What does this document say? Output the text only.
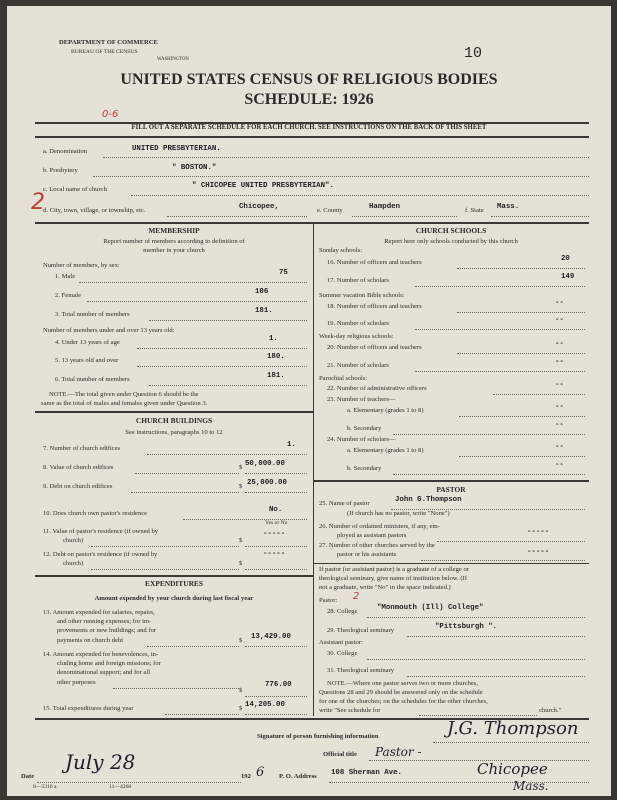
DEPARTMENT OF COMMERCE
BUREAU OF THE CENSUS
WASHINGTON	10
UNITED STATES CENSUS OF RELIGIOUS BODIES
SCHEDULE: 1926
0-6
FILL OUT A SEPARATE SCHEDULE FOR EACH CHURCH. SEE INSTRUCTIONS ON THE BACK OF THIS SHEET
a. Denomination	UNITED PRESBYTERIAN.
b. Presbytery	" BOSTON."
2
c. Local name of church	" CHICOPEE UNITED PRESBYTERIAN".
d. City, town, village, or township, etc.	Chicopee,	e. County	Hampden	f. State Mass.
MEMBERSHIP
Report number of members according to definition of
member in your church
Number of members, by sex:
1. Male	75
2. Female	106
3. Total number of members	181.
Number of members under and over 13 years old:
4. Under 13 years of age	1.
5. 13 years old and over	180.
6. Total number of members	181.
NOTE.—The total given under Question 6 should be the
same as the total of males and females given under Question 3.
CHURCH BUILDINGS
See instructions, paragraphs 10 to 12
7. Number of church edifices	1.
8. Value of church edifices	$ 50,000.00
9. Debt on church edifices	$ 25,000.00
10. Does church own pastor's residence	No.
Yes or No
11. Value of pastor's residence (if owned by
church)	$
-----
12. Debt on pastor's residence (if owned by
church)	$
-----
EXPENDITURES
Amount expended by your church during last fiscal year
13. Amount expended for salaries, repairs,
and other running expenses; for im-
provements or new buildings; and for
payments on church debt	$ 13,429.00
14. Amount expended for benevolences, in-
cluding home and foreign missions; for
denominational support; and for all
other purposes
$
776.00
15. Total expenditures during year	$ 14,205.00
CHURCH SCHOOLS
Report here only schools conducted by this church
Sunday schools:
16. Number of officers and teachers	20
17. Number of scholars	149
Summer vacation Bible schools:
18. Number of officers and teachers	--
19. Number of scholars	--
Week-day religious schools:
20. Number of officers and teachers	--
21. Number of scholars	--
Parochial schools:
22. Number of administrative officers	--
23. Number of teachers—
a. Elementary (grades 1 to 8)	--
b. Secondary	--
24. Number of scholars—
a. Elementary (grades 1 to 8)	--
b. Secondary	--
PASTOR
25. Name of pastor	John G.Thompson
(If church has no pastor, write "None")
26. Number of ordained ministers, if any, em-
ployed as assistant pastors	-----
27. Number of other churches served by the
pastor or his assistants	-----
If pastor (or assistant pastor) is a graduate of a college or
theological seminary, give name of institution below. (If
not a graduate, write "No" in the space indicated.)
Pastor: 2
28. College	"Monmouth (Ill) College"
29. Theological seminary	"Pittsburgh ".
Assistant pastor:
30. College
31. Theological seminary
NOTE.—Where one pastor serves two or more churches,
Questions 28 and 29 should be answered only on the schedule
for one of the churches; on the schedules for the other churches,
write "See schedule for	church."
Signature of person furnishing information	J.G. Thompson
Official title Pastor -
Date
July 28
192 6
8—3316 a	11—4268
P. O. Address 108 Sherman Ave.	Chicopee
Mass.
